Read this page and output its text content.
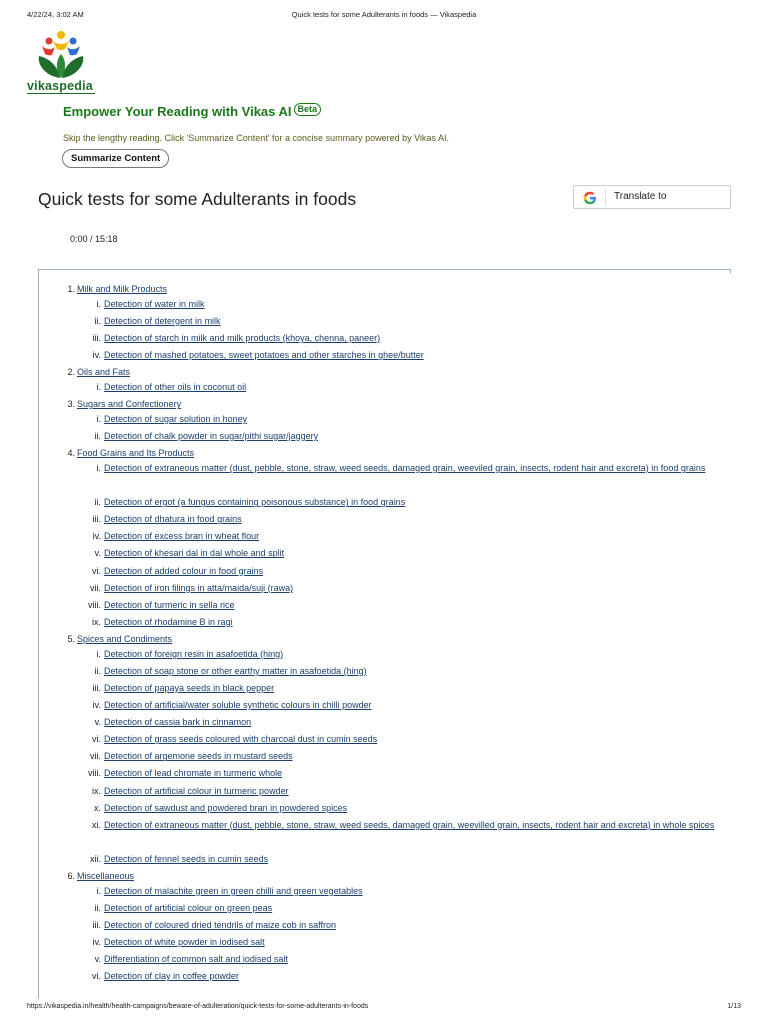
4/22/24, 3:02 AM	Quick tests for some Adulterants in foods — Vikaspedia
vikaspedia
Empower Your Reading with Vikas AI Beta
Skip the lengthy reading. Click 'Summarize Content' for a concise summary powered by Vikas AI.
Summarize Content
Quick tests for some Adulterants in foods	Translate to
0:00 / 15:18
1. Milk and Milk Products
i. Detection of water in milk
ii. Detection of detergent in milk
iii. Detection of starch in milk and milk products (khoya, chenna, paneer)
iv. Detection of mashed potatoes, sweet potatoes and other starches in ghee/butter
2. Oils and Fats
i. Detection of other oils in coconut oil
3. Sugars and Confectionery
i. Detection of sugar solution in honey
ii. Detection of chalk powder in sugar/pithi sugar/jaggery
4. Food Grains and Its Products
i. Detection of extraneous matter (dust, pebble, stone, straw, weed seeds, damaged grain, weeviled grain, insects, rodent hair and excreta) in food grains
ii. Detection of ergot (a fungus containing poisonous substance) in food grains
iii. Detection of dhatura in food grains
iv. Detection of excess bran in wheat flour
v. Detection of khesari dal in dal whole and split
vi. Detection of added colour in food grains
vii. Detection of iron filings in atta/maida/suji (rawa)
viii. Detection of turmeric in sella rice
ix. Detection of rhodamine B in ragi
5. Spices and Condiments
i. Detection of foreign resin in asafoetida (hing)
ii. Detection of soap stone or other earthy matter in asafoetida (hing)
iii. Detection of papaya seeds in black pepper
iv. Detection of artificial/water soluble synthetic colours in chilli powder
v. Detection of cassia bark in cinnamon
vi. Detection of grass seeds coloured with charcoal dust in cumin seeds
vii. Detection of argemone seeds in mustard seeds
viii. Detection of lead chromate in turmeric whole
ix. Detection of artificial colour in turmeric powder
x. Detection of sawdust and powdered bran in powdered spices
xi. Detection of extraneous matter (dust, pebble, stone, straw, weed seeds, damaged grain, weevilled grain, insects, rodent hair and excreta) in whole spices
xii. Detection of fennel seeds in cumin seeds
6. Miscellaneous
i. Detection of malachite green in green chilli and green vegetables
ii. Detection of artificial colour on green peas
iii. Detection of coloured dried tendrils of maize cob in saffron
iv. Detection of white powder in iodised salt
v. Differentiation of common salt and iodised salt
vi. Detection of clay in coffee powder
https://vikaspedia.in/health/health-campaigns/beware-of-adulteration/quick-tests-for-some-adulterants-in-foods	1/13
